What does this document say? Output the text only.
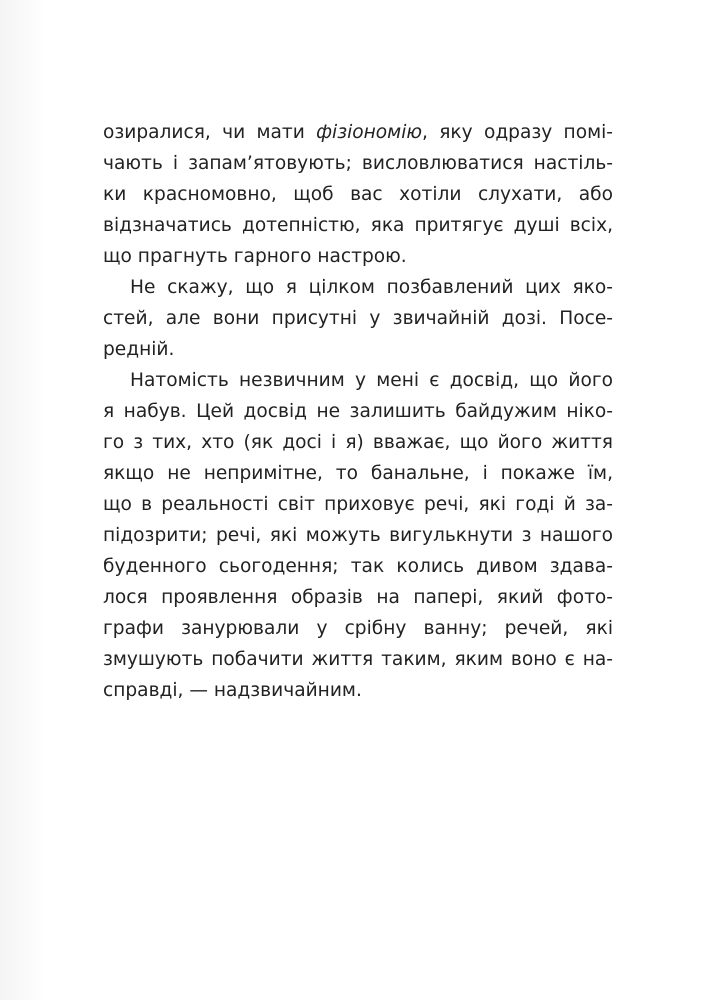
озиралися, чи мати фізіономію, яку одразу помі-
чають і запам’ятовують; висловлюватися настіль-
ки красномовно, щоб вас хотіли слухати, або
відзначатись дотепністю, яка притягує душі всіх,
що прагнуть гарного настрою.
Не скажу, що я цілком позбавлений цих яко-
стей, але вони присутні у звичайній дозі. Посе-
редній.
Натомість незвичним у мені є досвід, що його
я набув. Цей досвід не залишить байдужим ніко-
го з тих, хто (як досі і я) вважає, що його життя
якщо не непримітне, то банальне, і покаже їм,
що в реальності світ приховує речі, які годі й за-
підозрити; речі, які можуть вигулькнути з нашого
буденного сьогодення; так колись дивом здава-
лося проявлення образів на папері, який фото-
графи занурювали у срібну ванну; речей, які
змушують побачити життя таким, яким воно є на-
справді, — надзвичайним.
